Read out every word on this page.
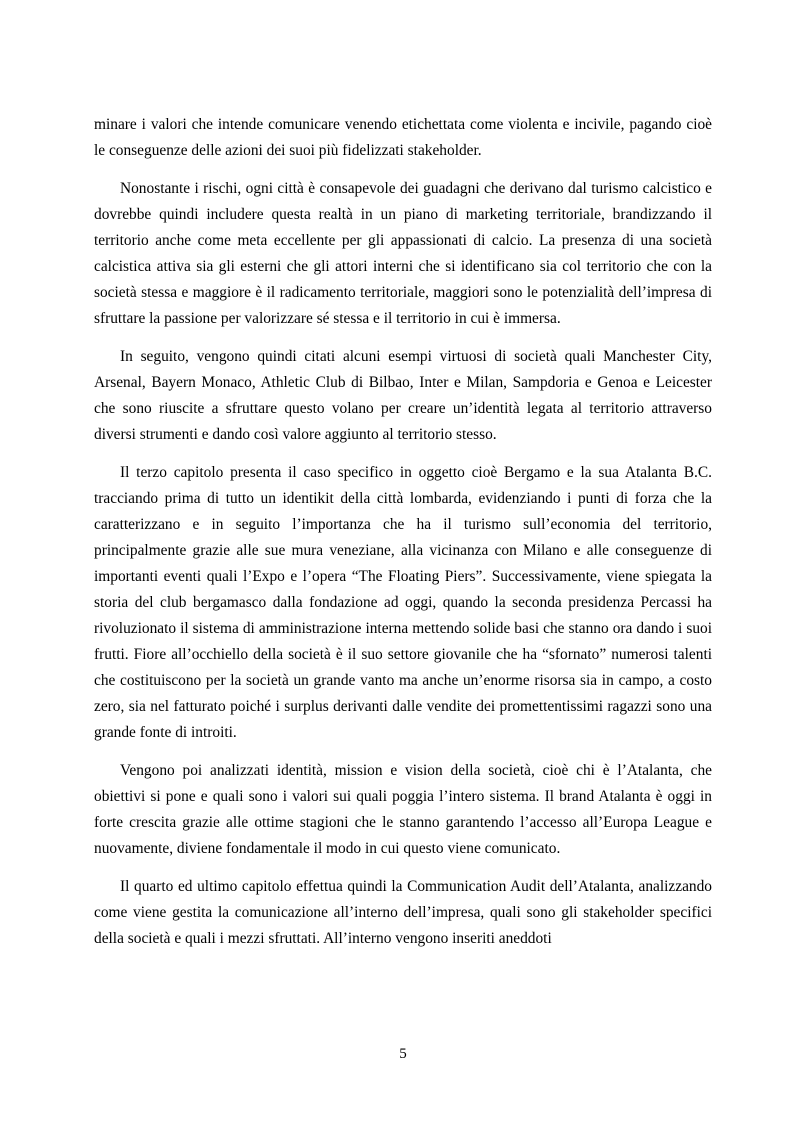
minare i valori che intende comunicare venendo etichettata come violenta e incivile, pagando cioè le conseguenze delle azioni dei suoi più fidelizzati stakeholder.

Nonostante i rischi, ogni città è consapevole dei guadagni che derivano dal turismo calcistico e dovrebbe quindi includere questa realtà in un piano di marketing territoriale, brandizzando il territorio anche come meta eccellente per gli appassionati di calcio. La presenza di una società calcistica attiva sia gli esterni che gli attori interni che si identificano sia col territorio che con la società stessa e maggiore è il radicamento territoriale, maggiori sono le potenzialità dell’impresa di sfruttare la passione per valorizzare sé stessa e il territorio in cui è immersa.

In seguito, vengono quindi citati alcuni esempi virtuosi di società quali Manchester City, Arsenal, Bayern Monaco, Athletic Club di Bilbao, Inter e Milan, Sampdoria e Genoa e Leicester che sono riuscite a sfruttare questo volano per creare un’identità legata al territorio attraverso diversi strumenti e dando così valore aggiunto al territorio stesso.

Il terzo capitolo presenta il caso specifico in oggetto cioè Bergamo e la sua Atalanta B.C. tracciando prima di tutto un identikit della città lombarda, evidenziando i punti di forza che la caratterizzano e in seguito l’importanza che ha il turismo sull’economia del territorio, principalmente grazie alle sue mura veneziane, alla vicinanza con Milano e alle conseguenze di importanti eventi quali l’Expo e l’opera “The Floating Piers”. Successivamente, viene spiegata la storia del club bergamasco dalla fondazione ad oggi, quando la seconda presidenza Percassi ha rivoluzionato il sistema di amministrazione interna mettendo solide basi che stanno ora dando i suoi frutti. Fiore all’occhiello della società è il suo settore giovanile che ha “sfornato” numerosi talenti che costituiscono per la società un grande vanto ma anche un’enorme risorsa sia in campo, a costo zero, sia nel fatturato poiché i surplus derivanti dalle vendite dei promettentissimi ragazzi sono una grande fonte di introiti.

Vengono poi analizzati identità, mission e vision della società, cioè chi è l’Atalanta, che obiettivi si pone e quali sono i valori sui quali poggia l’intero sistema. Il brand Atalanta è oggi in forte crescita grazie alle ottime stagioni che le stanno garantendo l’accesso all’Europa League e nuovamente, diviene fondamentale il modo in cui questo viene comunicato.

Il quarto ed ultimo capitolo effettua quindi la Communication Audit dell’Atalanta, analizzando come viene gestita la comunicazione all’interno dell’impresa, quali sono gli stakeholder specifici della società e quali i mezzi sfruttati. All’interno vengono inseriti aneddoti

5
